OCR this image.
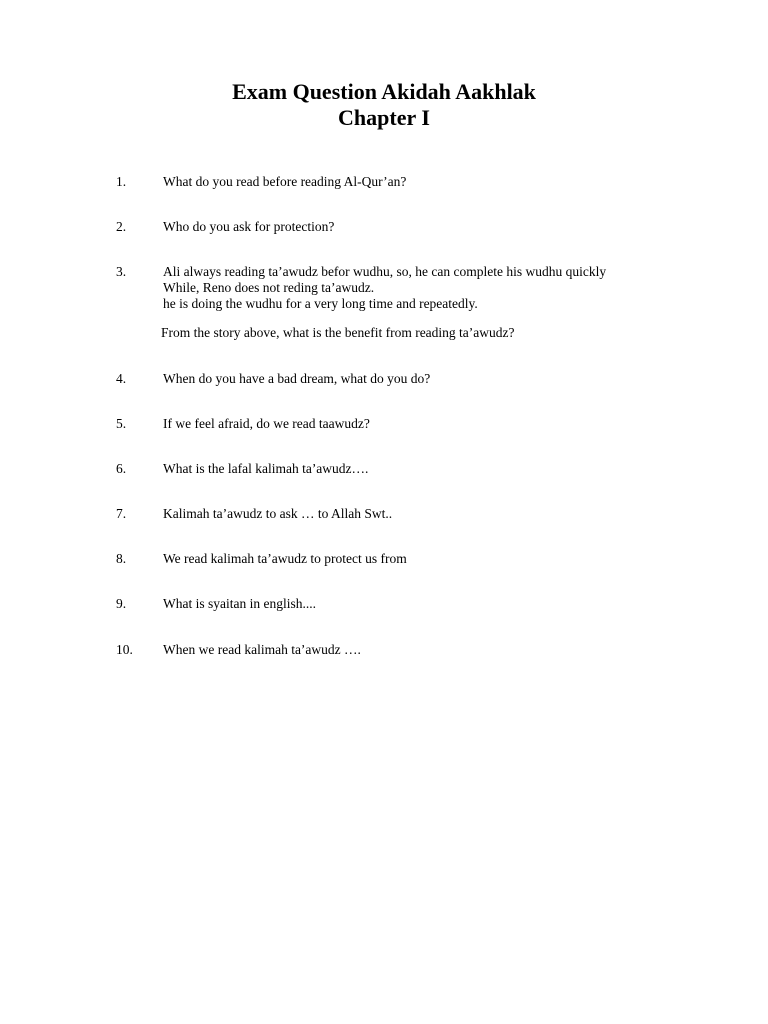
Exam Question Akidah Aakhlak
Chapter I
1.	What do you read before reading Al-Qur’an?
2.	Who do you ask for protection?
3.	Ali always reading ta’awudz befor wudhu, so, he can complete his wudhu quickly
While, Reno does not reding ta’awudz.
he is doing the wudhu for a very long time and repeatedly.
From the story above, what is the benefit from reading ta’awudz?
4.	When do you have a bad dream, what do you do?
5.	If we feel afraid, do we read taawudz?
6.	What is the lafal kalimah ta’awudz….
7.	Kalimah ta’awudz to ask … to Allah Swt..
8.	We read kalimah ta’awudz to protect us from
9.	What is syaitan in english....
10. When we read kalimah ta’awudz ….
